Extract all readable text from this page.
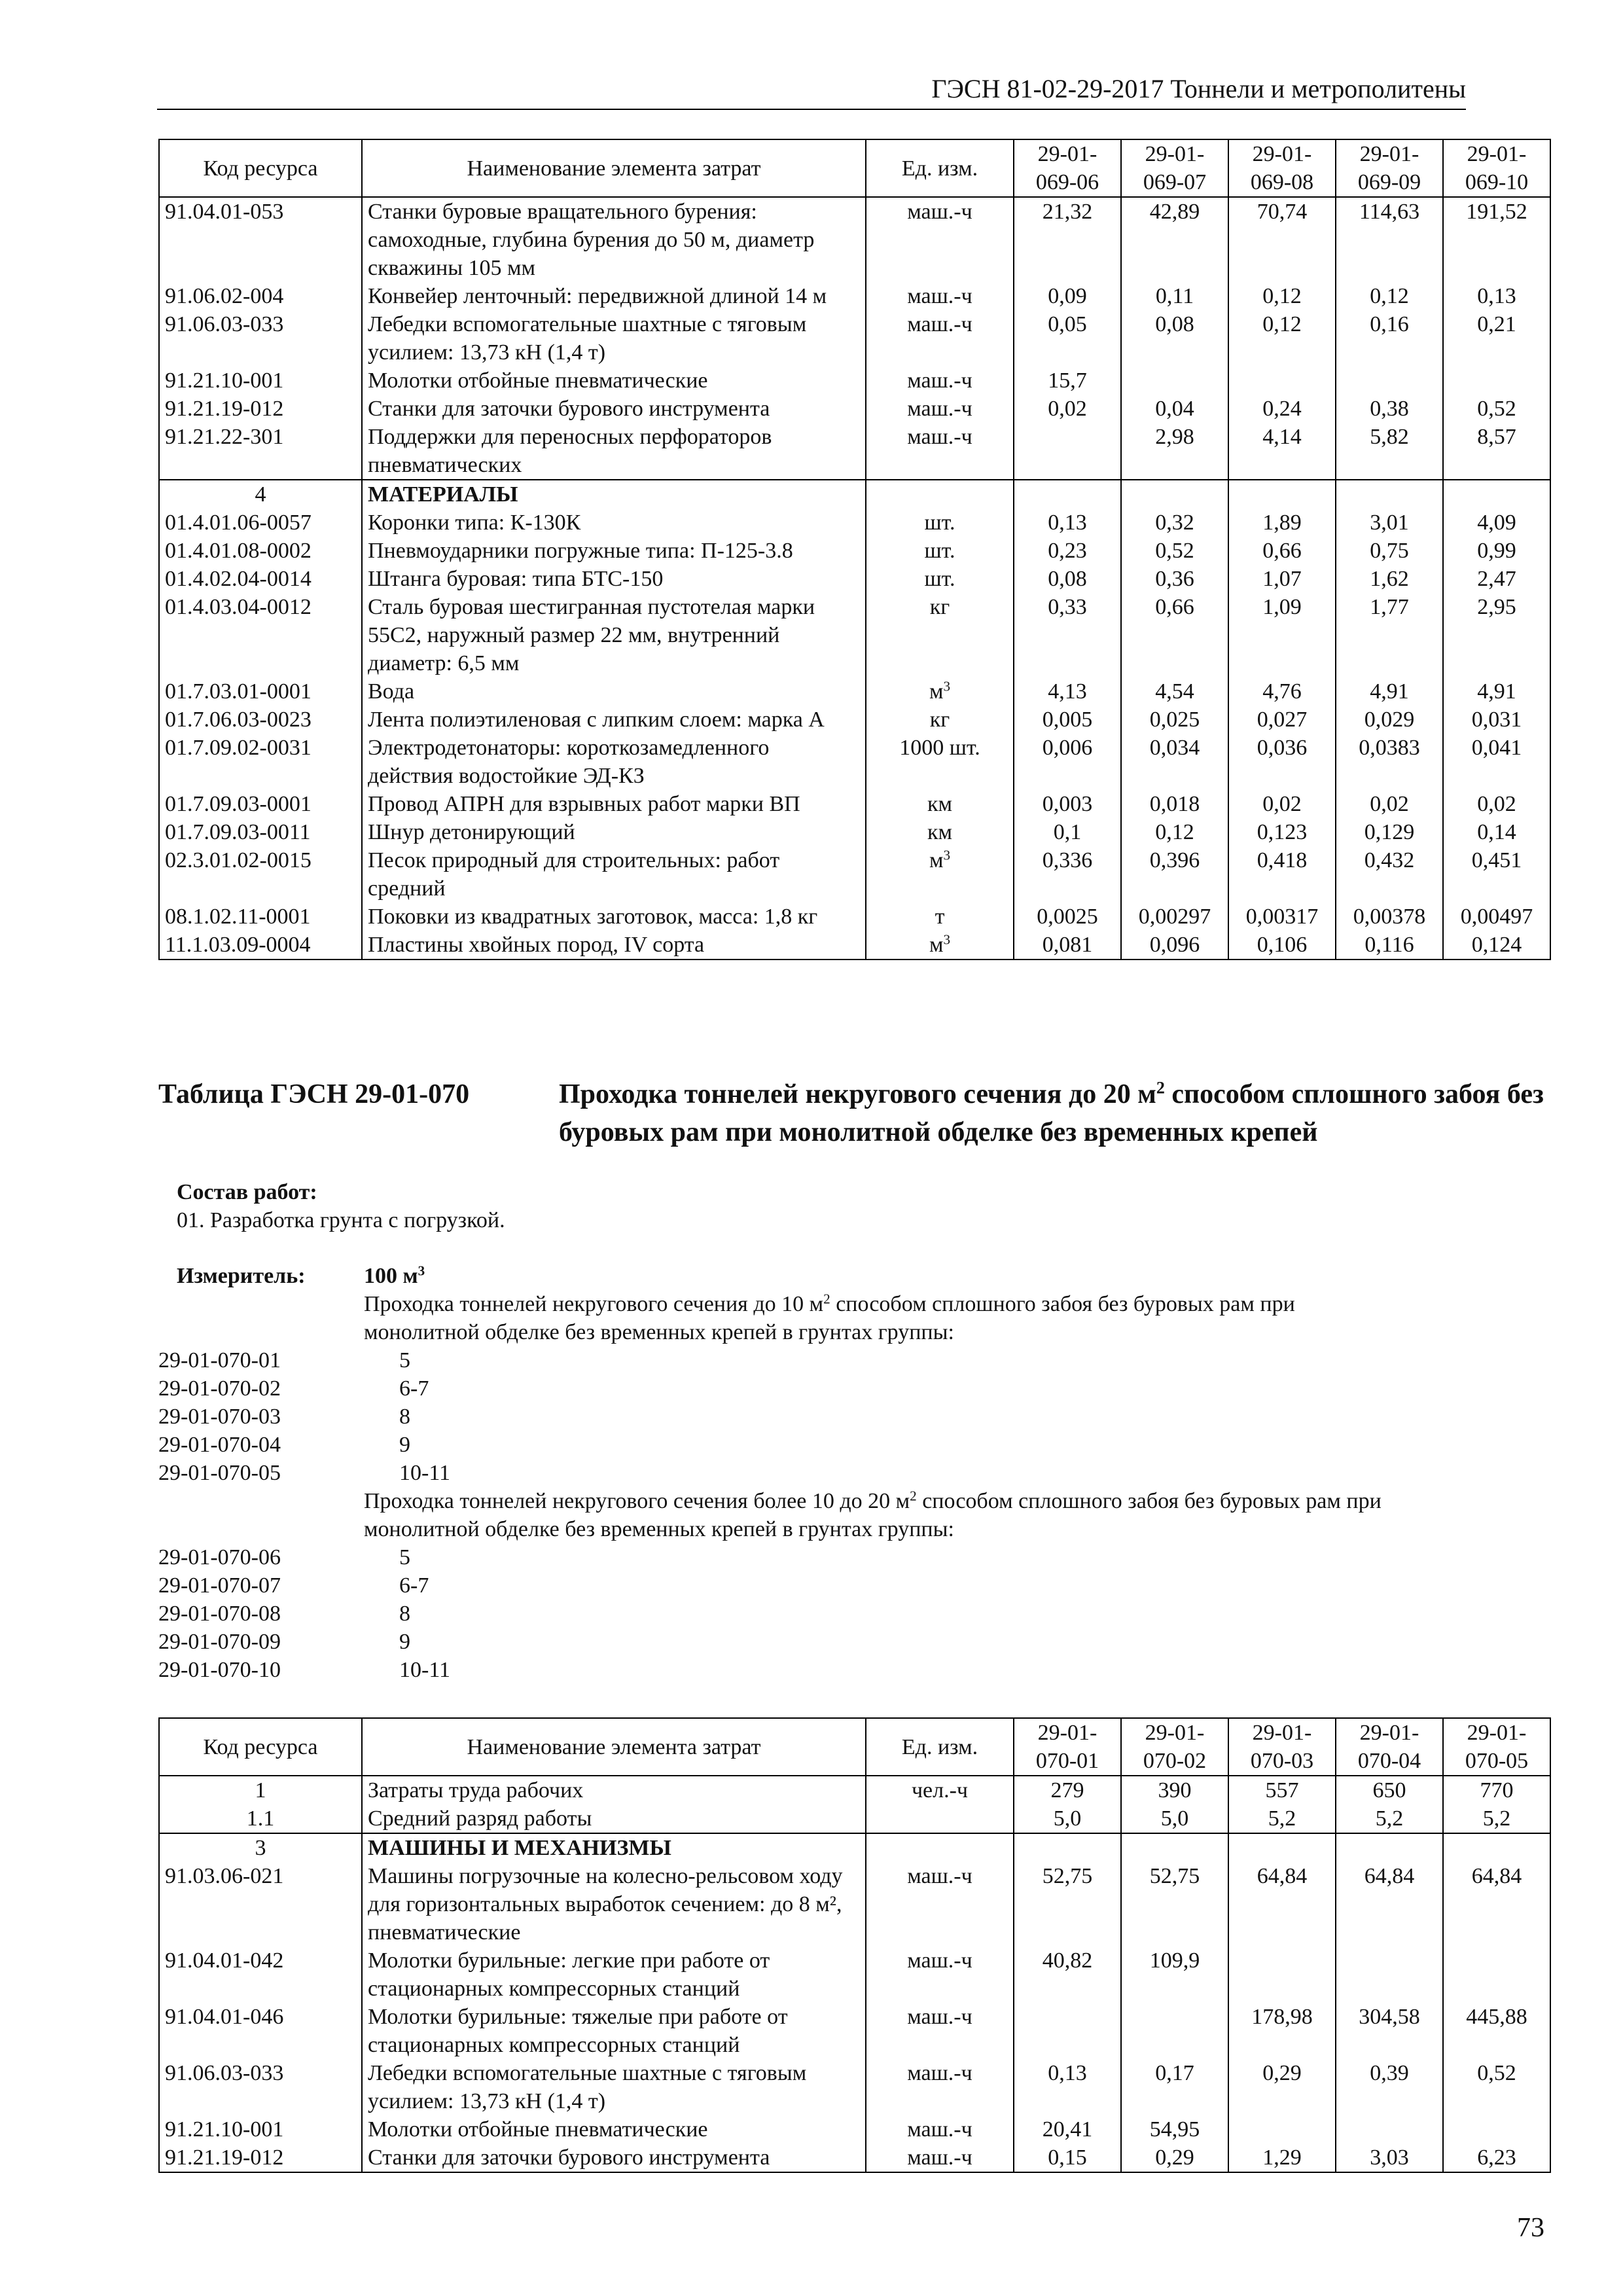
ГЭСН 81-02-29-2017 Тоннели и метрополитены
Код ресурса	Наименование элемента затрат	Ед. изм.	29-01-069-06	29-01-069-07	29-01-069-08	29-01-069-09	29-01-069-10
91.04.01-053	Станки буровые вращательного бурения: самоходные, глубина бурения до 50 м, диаметр скважины 105 мм	маш.-ч	21,32	42,89	70,74	114,63	191,52
91.06.02-004	Конвейер ленточный: передвижной длиной 14 м	маш.-ч	0,09	0,11	0,12	0,12	0,13
91.06.03-033	Лебедки вспомогательные шахтные с тяговым усилием: 13,73 кН (1,4 т)	маш.-ч	0,05	0,08	0,12	0,16	0,21
91.21.10-001	Молотки отбойные пневматические	маш.-ч	15,7				
91.21.19-012	Станки для заточки бурового инструмента	маш.-ч	0,02	0,04	0,24	0,38	0,52
91.21.22-301	Поддержки для переносных перфораторов пневматических	маш.-ч		2,98	4,14	5,82	8,57
4	МАТЕРИАЛЫ						
01.4.01.06-0057	Коронки типа: К-130К	шт.	0,13	0,32	1,89	3,01	4,09
01.4.01.08-0002	Пневмоударники погружные типа: П-125-3.8	шт.	0,23	0,52	0,66	0,75	0,99
01.4.02.04-0014	Штанга буровая: типа БТС-150	шт.	0,08	0,36	1,07	1,62	2,47
01.4.03.04-0012	Сталь буровая шестигранная пустотелая марки 55С2, наружный размер 22 мм, внутренний диаметр: 6,5 мм	кг	0,33	0,66	1,09	1,77	2,95
01.7.03.01-0001	Вода	$м^3$	4,13	4,54	4,76	4,91	4,91
01.7.06.03-0023	Лента полиэтиленовая с липким слоем: марка А	кг	0,005	0,025	0,027	0,029	0,031
01.7.09.02-0031	Электродетонаторы: короткозамедленного действия водостойкие ЭД-КЗ	1000 шт.	0,006	0,034	0,036	0,0383	0,041
01.7.09.03-0001	Провод АПРН для взрывных работ марки ВП	км	0,003	0,018	0,02	0,02	0,02
01.7.09.03-0011	Шнур детонирующий	км	0,1	0,12	0,123	0,129	0,14
02.3.01.02-0015	Песок природный для строительных: работ средний	$м^3$	0,336	0,396	0,418	0,432	0,451
08.1.02.11-0001	Поковки из квадратных заготовок, масса: 1,8 кг	т	0,0025	0,00297	0,00317	0,00378	0,00497
11.1.03.09-0004	Пластины хвойных пород, IV сорта	$м^3$	0,081	0,096	0,106	0,116	0,124
Таблица ГЭСН 29-01-070	Проходка тоннелей некругового сечения до 20 $м^2$ способом сплошного забоя без буровых рам при монолитной обделке без временных крепей
Состав работ:
01. Разработка грунта с погрузкой.
Измеритель:	100 $м^3$
Проходка тоннелей некругового сечения до 10 $м^2$ способом сплошного забоя без буровых рам при
монолитной обделке без временных крепей в грунтах группы:
29-01-070-01	5
29-01-070-02	6-7
29-01-070-03	8
29-01-070-04	9
29-01-070-05	10-11
Проходка тоннелей некругового сечения более 10 до 20 $м^2$ способом сплошного забоя без буровых рам при
монолитной обделке без временных крепей в грунтах группы:
29-01-070-06	5
29-01-070-07	6-7
29-01-070-08	8
29-01-070-09	9
29-01-070-10	10-11
Код ресурса	Наименование элемента затрат	Ед. изм.	29-01-070-01	29-01-070-02	29-01-070-03	29-01-070-04	29-01-070-05
1	Затраты труда рабочих	чел.-ч	279	390	557	650	770
1.1	Средний разряд работы		5,0	5,0	5,2	5,2	5,2
3	МАШИНЫ И МЕХАНИЗМЫ						
91.03.06-021	Машины погрузочные на колесно-рельсовом ходу для горизонтальных выработок сечением: до 8 м², пневматические	маш.-ч	52,75	52,75	64,84	64,84	64,84
91.04.01-042	Молотки бурильные: легкие при работе от стационарных компрессорных станций	маш.-ч	40,82	109,9			
91.04.01-046	Молотки бурильные: тяжелые при работе от стационарных компрессорных станций	маш.-ч			178,98	304,58	445,88
91.06.03-033	Лебедки вспомогательные шахтные с тяговым усилием: 13,73 кН (1,4 т)	маш.-ч	0,13	0,17	0,29	0,39	0,52
91.21.10-001	Молотки отбойные пневматические	маш.-ч	20,41	54,95			
91.21.19-012	Станки для заточки бурового инструмента	маш.-ч	0,15	0,29	1,29	3,03	6,23
73
